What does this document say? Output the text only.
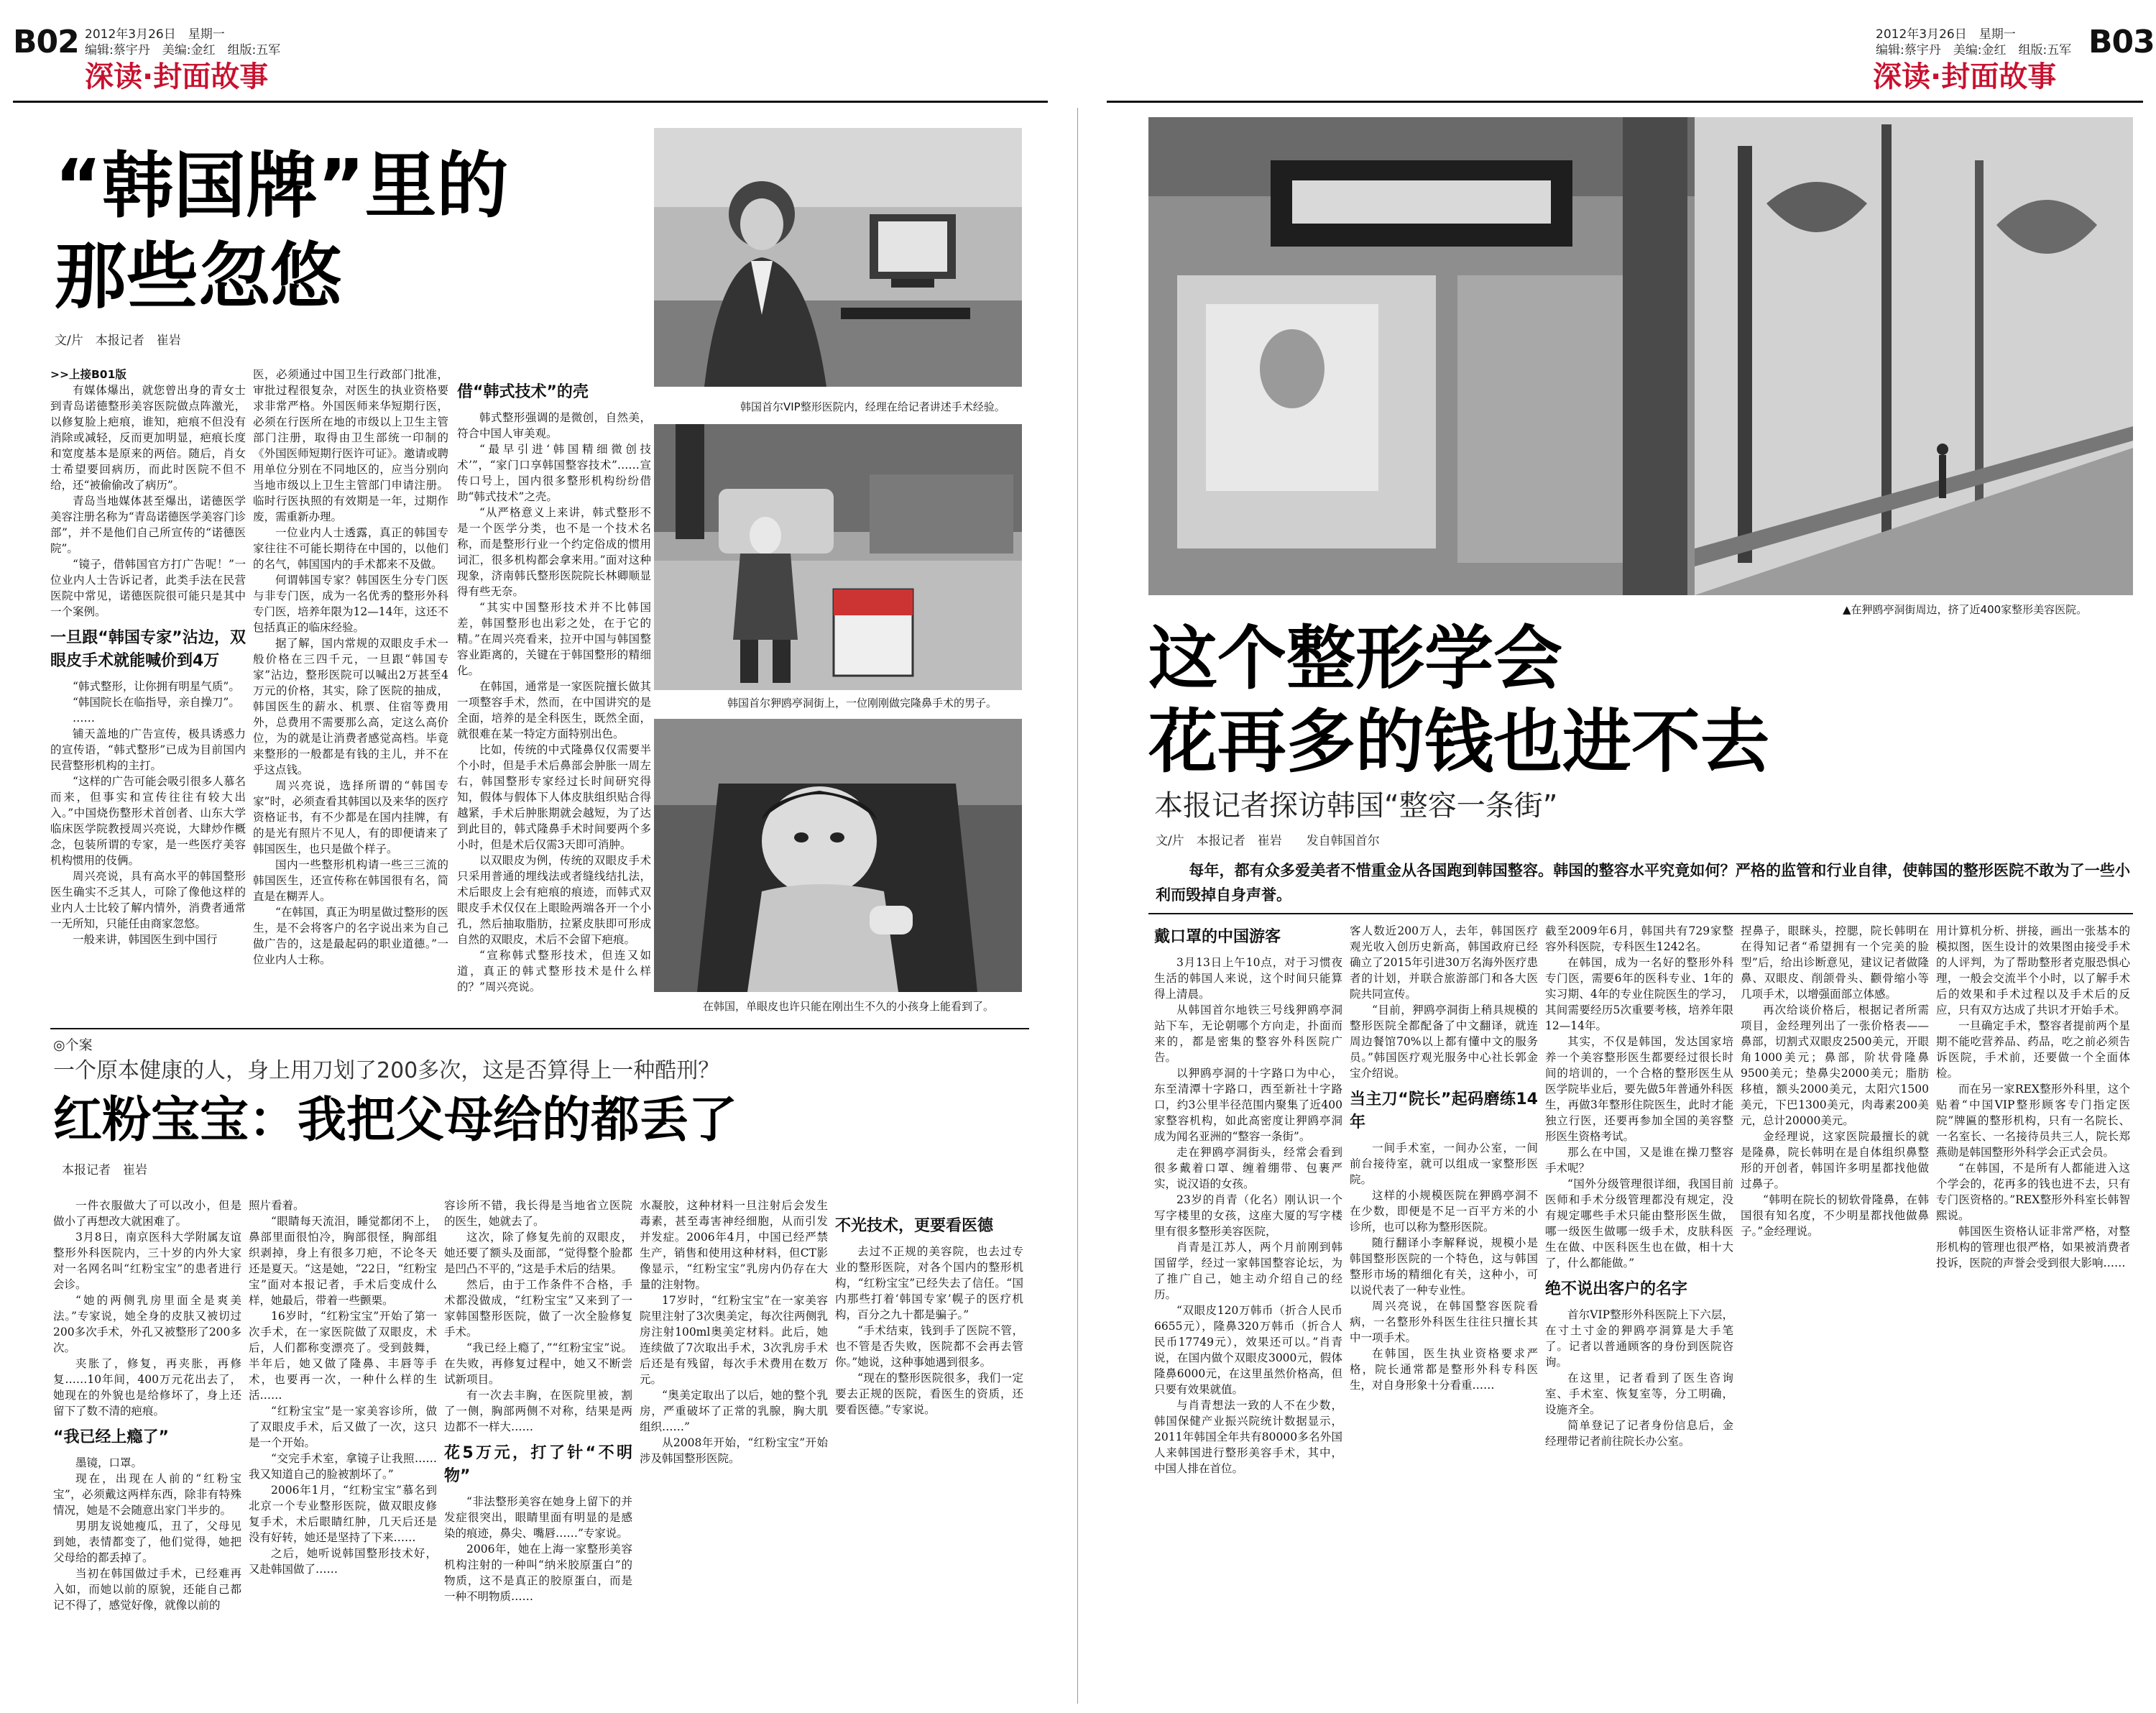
B02 2012年3月26日　星期一
编辑:蔡宇丹　美编:金红　组版:五军
深读·封面故事
2012年3月26日　星期一
编辑:蔡宇丹　美编:金红　组版:五军 B03
深读·封面故事
“韩国牌”里的
那些忽悠
文/片　本报记者　崔岩
>>上接B01版

有媒体爆出，就您曾出身的青女士到青岛诺德整形美容医院做点阵激光，以修复脸上疤痕，谁知，疤痕不但没有消除或减轻，反而更加明显，疤痕长度和宽度基本是原来的两倍。随后，肖女士希望要回病历，而此时医院不但不给，还“被偷偷改了病历”。

青岛当地媒体甚至爆出，诺德医学美容注册名称为“青岛诺德医学美容门诊部”，并不是他们自己所宣传的“诺德医院”。

“镜子，借韩国官方打广告呢！”一位业内人士告诉记者，此类手法在民营医院中常见，诺德医院很可能只是其中一个案例。

一旦跟“韩国专家”沾边，双眼皮手术就能喊价到4万

“韩式整形，让你拥有明星气质”。

“韩国院长在临指导，亲自操刀”。

……

铺天盖地的广告宣传，极具诱惑力的宣传语，“韩式整形”已成为目前国内民营整形机构的主打。

“这样的广告可能会吸引很多人慕名而来，但事实和宣传往往有较大出入。”中国烧伤整形术首创者、山东大学临床医学院教授周兴亮说，大肆炒作概念，包装所谓的专家，是一些医疗美容机构惯用的伎俩。

周兴亮说，具有高水平的韩国整形医生确实不乏其人，可除了像他这样的业内人士比较了解内情外，消费者通常一无所知，只能任由商家忽悠。

一般来讲，韩国医生到中国行

医，必须通过中国卫生行政部门批准，审批过程很复杂，对医生的执业资格要求非常严格。外国医师来华短期行医，必须在行医所在地的市级以上卫生主管部门注册，取得由卫生部统一印制的《外国医师短期行医许可证》。邀请或聘用单位分别在不同地区的，应当分别向当地市级以上卫生主管部门申请注册。临时行医执照的有效期是一年，过期作废，需重新办理。

一位业内人士透露，真正的韩国专家往往不可能长期待在中国的，以他们的名气，韩国国内的手术都来不及做。

何谓韩国专家？韩国医生分专门医与非专门医，成为一名优秀的整形外科专门医，培养年限为12—14年，这还不包括真正的临床经验。

据了解，国内常规的双眼皮手术一般价格在三四千元，一旦跟“韩国专家”沾边，整形医院可以喊出2万甚至4万元的价格，其实，除了医院的抽成，韩国医生的薪水、机票、住宿等费用外，总费用不需要那么高，定这么高价位，为的就是让消费者感觉高档。毕竟来整形的一般都是有钱的主儿，并不在乎这点钱。

周兴亮说，选择所谓的“韩国专家”时，必须查看其韩国以及来华的医疗资格证书，有不少都是在国内挂牌，有的是光有照片不见人，有的即便请来了韩国医生，也只是做个样子。

国内一些整形机构请一些三三流的韩国医生，还宣传称在韩国很有名，简直是在糊弄人。

“在韩国，真正为明星做过整形的医生，是不会将客户的名字说出来为自己做广告的，这是最起码的职业道德。”一位业内人士称。

借“韩式技术”的壳

韩式整形强调的是微创，自然美，符合中国人审美观。

“最早引进‘韩国精细微创技术’”，“家门口享韩国整容技术”……宣传口号上，国内很多整形机构纷纷借助“韩式技术”之壳。

“从严格意义上来讲，韩式整形不是一个医学分类，也不是一个技术名称，而是整形行业一个约定俗成的惯用词汇，很多机构都会拿来用。”面对这种现象，济南韩氏整形医院院长林卿顺显得有些无奈。

“其实中国整形技术并不比韩国差，韩国整形也出彩之处，在于它的精。”在周兴亮看来，拉开中国与韩国整容业距离的，关键在于韩国整形的精细化。

在韩国，通常是一家医院擅长做其一项整容手术，然而，在中国讲究的是全面，培养的是全科医生，既然全面，就很难在某一特定方面特别出色。

比如，传统的中式隆鼻仅仅需要半个小时，但是手术后鼻部会肿胀一周左右，韩国整形专家经过长时间研究得知，假体与假体下人体皮肤组织贴合得越紧，手术后肿胀期就会越短，为了达到此目的，韩式隆鼻手术时间要两个多小时，但是术后仅需3天即可消肿。

以双眼皮为例，传统的双眼皮手术只采用普通的埋线法或者缝线结扎法，术后眼皮上会有疤痕的痕迹，而韩式双眼皮手术仅仅在上眼睑两端各开一个小孔，然后抽取脂肪，拉紧皮肤即可形成自然的双眼皮，术后不会留下疤痕。

“宣称韩式整形技术，但连又如道，真正的韩式整形技术是什么样的？”周兴亮说。

韩国首尔VIP整形医院内，经理在给记者讲述手术经验。
韩国首尔狎鸥亭洞街上，一位刚刚做完隆鼻手术的男子。
在韩国，单眼皮也许只能在刚出生不久的小孩身上能看到了。
◎个案
一个原本健康的人，身上用刀划了200多次，这是否算得上一种酷刑？
红粉宝宝：我把父母给的都丢了
本报记者　崔岩

一件衣服做大了可以改小，但是做小了再想改大就困难了。

3月8日，南京医科大学附属友谊整形外科医院内，三十岁的内外大家对一名网名叫“红粉宝宝”的患者进行会诊。

“她的两侧乳房里面全是爽美法。”专家说，她全身的皮肤又被切过200多次手术，外孔又被整形了200多次。

夹胀了，修复，再夹胀，再修复……10年间，400万元花出去了，她现在的外貌也是给修坏了，身上还留下了数不清的疤痕。

“我已经上瘾了”

墨镜，口罩。

现在，出现在人前的“红粉宝宝”，必须戴这两样东西，除非有特殊情况，她是不会随意出家门半步的。

男朋友说她瘦瓜，丑了，父母见到她，表情都变了，他们觉得，她把父母给的都丢掉了。

当初在韩国做过手术，已经难再入如，而她以前的原貌，还能自己都记不得了，感觉好像，就像以前的

照片看着。

“眼睛每天流泪，睡觉都闭不上，鼻部里面很怕冷，胸部很怪，胸部组织剥掉，身上有很多刀疤，不论冬天还是夏天。“这是她，“22日，“红粉宝宝”面对本报记者，手术后变成什么样，她最后，带着一些颤栗。

16岁时，“红粉宝宝”开始了第一次手术，在一家医院做了双眼皮，术后，人们都称变漂亮了。受到鼓舞，半年后，她又做了隆鼻、丰唇等手术，也要再一次，一种什么样的生活……

“红粉宝宝”是一家美容诊所，做了双眼皮手术，后又做了一次，这只是一个开始。

“交完手术室，拿镜子让我照……我又知道自己的脸被割坏了。”

2006年1月，“红粉宝宝”慕名到北京一个专业整形医院，做双眼皮修复手术，术后眼睛红肿，几天后还是没有好转，她还是坚持了下来……

之后，她听说韩国整形技术好，又赴韩国做了……

容诊所不错，我长得是当地省立医院的医生，她就去了。

这次，除了修复先前的双眼皮，她还要了额头及面部，“觉得整个脸都是凹凸不平的，”这是手术后的结果。

然后，由于工作条件不合格，手术都没做成，“红粉宝宝”又来到了一家韩国整形医院，做了一次全脸修复手术。

“我已经上瘾了，”“红粉宝宝”说。在失败，再修复过程中，她又不断尝试新项目。

有一次去丰胸，在医院里被，割了一侧，胸部两侧不对称，结果是两边都不一样大……

花5万元，打了针“不明物”

“非法整形美容在她身上留下的并发症很突出，眼睛里面有明显的是感染的痕迹，鼻尖、嘴唇……”专家说。

2006年，她在上海一家整形美容机构注射的一种叫“纳米胶原蛋白”的物质，这不是真正的胶原蛋白，而是一种不明物质……

水凝胶，这种材料一旦注射后会发生毒素，甚至毒害神经细胞，从而引发并发症。2006年4月，中国已经严禁生产，销售和使用这种材料，但CT影像显示，“红粉宝宝”乳房内仍存在大量的注射物。

17岁时，“红粉宝宝”在一家美容院里注射了3次奥美定，每次往两侧乳房注射100ml奥美定材料。此后，她连续做了7次取出手术，3次乳房手术后还是有残留，每次手术费用在数万元。

“奥美定取出了以后，她的整个乳房，严重破坏了正常的乳腺，胸大肌组织……”

从2008年开始，“红粉宝宝”开始涉及韩国整形医院。

不光技术，更要看医德

去过不正规的美容院，也去过专业的整形医院，对各个国内的整形机构，“红粉宝宝”已经失去了信任。“国内那些打着‘韩国专家’幌子的医疗机构，百分之九十都是骗子。”

“手术结束，钱到手了医院不管，也不管是否失败，医院都不会再去管你。”她说，这种事她遇到很多。

“现在的整形医院很多，我们一定要去正规的医院，看医生的资质，还要看医德。”专家说。

▲在狎鸥亭洞街周边，挤了近400家整形美容医院。
这个整形学会
花再多的钱也进不去
本报记者探访韩国“整容一条街”
文/片　本报记者　崔岩　　发自韩国首尔
每年，都有众多爱美者不惜重金从各国跑到韩国整容。韩国的整容水平究竟如何？严格的监管和行业自律，使韩国的整形医院不敢为了一些小利而毁掉自身声誉。
戴口罩的中国游客

3月13日上午10点，对于习惯夜生活的韩国人来说，这个时间只能算得上清晨。

从韩国首尔地铁三号线狎鸥亭洞站下车，无论朝哪个方向走，扑面而来的，都是密集的整容外科医院广告。

以狎鸥亭洞的十字路口为中心，东至清潭十字路口，西至新社十字路口，约3公里半径范围内聚集了近400家整容机构，如此高密度让狎鸥亭洞成为闻名亚洲的“整容一条街”。

走在狎鸥亭洞街头，经常会看到很多戴着口罩、缠着绷带、包裹严实，说汉语的女孩。

23岁的肖青（化名）刚认识一个写字楼里的女孩，这座大厦的写字楼里有很多整形美容医院，

肖青是江苏人，两个月前刚到韩国留学，经过一家韩国整容论坛，为了推广自己，她主动介绍自己的经历。

“双眼皮120万韩币（折合人民币6655元），隆鼻320万韩币（折合人民币17749元），效果还可以。”肖青说，在国内做个双眼皮3000元，假体隆鼻6000元，在这里虽然价格高，但只要有效果就值。

与肖青想法一致的人不在少数，韩国保健产业振兴院统计数据显示，2011年韩国全年共有80000多名外国人来韩国进行整形美容手术，其中，中国人排在首位。

客人数近200万人，去年，韩国医疗观光收入创历史新高，韩国政府已经确立了2015年引进30万名海外医疗患者的计划，并联合旅游部门和各大医院共同宣传。

“目前，狎鸥亭洞街上稍具规模的整形医院全都配备了中文翻译，就连周边餐馆70%以上都有懂中文的服务员。”韩国医疗观光服务中心社长郭金宝介绍说。

当主刀“院长”起码磨练14年

一间手术室，一间办公室，一间前台接待室，就可以组成一家整形医院。

这样的小规模医院在狎鸥亭洞不在少数，即便是不足一百平方米的小诊所，也可以称为整形医院。

随行翻译小李解释说，规模小是韩国整形医院的一个特色，这与韩国整形市场的精细化有关，这种小，可以说代表了一种专业性。

周兴亮说，在韩国整容医院看病，一名整形外科医生往往只擅长其中一项手术。

在韩国，医生执业资格要求严格，院长通常都是整形外科专科医生，对自身形象十分看重……

截至2009年6月，韩国共有729家整容外科医院，专科医生1242名。

在韩国，成为一名好的整形外科专门医，需要6年的医科专业、1年的实习期、4年的专业住院医生的学习，其间需要经历5次重要考核，培养年限12—14年。

其实，不仅是韩国，发达国家培养一个美容整形医生都要经过很长时间的培训的，一个合格的整形医生从医学院毕业后，要先做5年普通外科医生，再做3年整形住院医生，此时才能独立行医，还要再参加全国的美容整形医生资格考试。

那么在中国，又是谁在操刀整容手术呢？

“国外分级管理很详细，我国目前医师和手术分级管理都没有规定，没有规定哪些手术只能由整形医生做，哪一级医生做哪一级手术，皮肤科医生在做、中医科医生也在做，相十大了，什么都能做。”

绝不说出客户的名字

首尔VIP整形外科医院上下六层，在寸土寸金的狎鸥亭洞算是大手笔了。记者以普通顾客的身份到医院咨询。

在这里，记者看到了医生咨询室、手术室、恢复室等，分工明确，设施齐全。

简单登记了记者身份信息后，金经理带记者前往院长办公室。

捏鼻子，眼眯头，控腮，院长韩明在在得知记者“希望拥有一个完美的脸型”后，给出诊断意见，建议记者做隆鼻、双眼皮、削颌骨头、颧骨缩小等几项手术，以增强面部立体感。

再次给谈价格后，根据记者所需项目，金经理列出了一张价格表——鼻部，切割式双眼皮2500美元，开眼角1000美元；鼻部，阶状骨隆鼻9500美元；垫鼻尖2000美元；脂肪移植，额头2000美元，太阳穴1500美元，下巴1300美元，肉毒素200美元，总计20000美元。

金经理说，这家医院最擅长的就是隆鼻，院长韩明在是自体组织鼻整形的开创者，韩国许多明星都找他做过鼻子。

“韩明在院长的韧软骨隆鼻，在韩国很有知名度，不少明星都找他做鼻子。”金经理说。

用计算机分析、拼接，画出一张基本的模拟图，医生设计的效果图由接受手术的人评判，为了帮助整形者克服恐惧心理，一般会交流半个小时，以了解手术后的效果和手术过程以及手术后的反应，只有双方达成了共识才开始手术。

一旦确定手术，整容者提前两个星期不能吃营养品、药品，吃之前必须告诉医院，手术前，还要做一个全面体检。

而在另一家REX整形外科里，这个贴着“中国VIP整形顾客专门指定医院”牌匾的整形机构，只有一名院长、一名室长、一名接待员共三人，院长郑燕勋是韩国整形外科学会正式会员。

“在韩国，不是所有人都能进入这个学会的，花再多的钱也进不去，只有专门医资格的。”REX整形外科室长韩智熙说。

韩国医生资格认证非常严格，对整形机构的管理也很严格，如果被消费者投诉，医院的声誉会受到很大影响……
